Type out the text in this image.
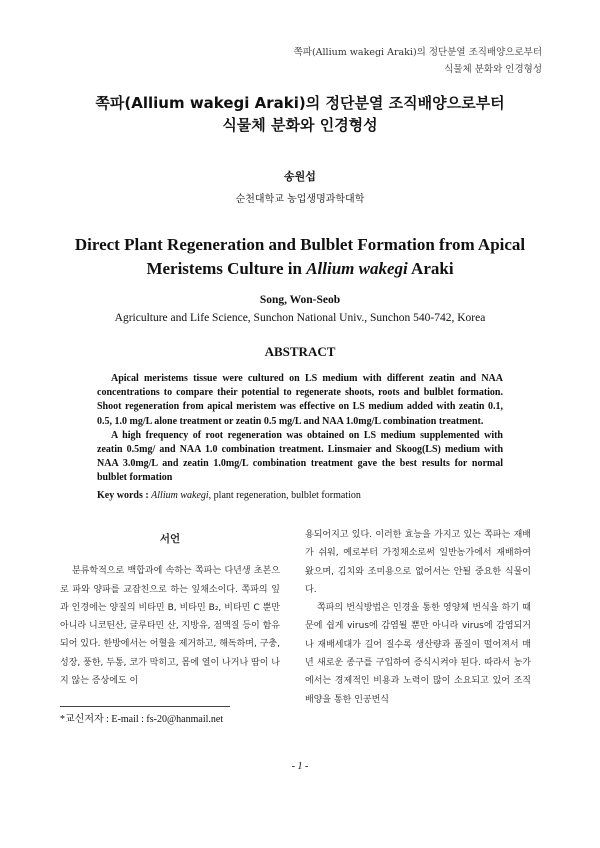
쪽파(Allium wakegi Araki)의 정단분열 조직배양으로부터
식물체 분화와 인경형성
쪽파(Allium wakegi Araki)의 정단분열 조직배양으로부터
식물체 분화와 인경형성
송원섭
순천대학교 농업생명과학대학
Direct Plant Regeneration and Bulblet Formation from Apical
Meristems Culture in Allium wakegi Araki
Song, Won-Seob
Agriculture and Life Science, Sunchon National Univ., Sunchon 540-742, Korea
ABSTRACT

Apical meristems tissue were cultured on LS medium with different zeatin and NAA concentrations to compare their potential to regenerate shoots, roots and bulblet formation. Shoot regeneration from apical meristem was effective on LS medium added with zeatin 0.1, 0.5, 1.0 mg/L alone treatment or zeatin 0.5 mg/L and NAA 1.0mg/L combination treatment.

A high frequency of root regeneration was obtained on LS medium supplemented with zeatin 0.5mg/ and NAA 1.0 combination treatment. Linsmaier and Skoog(LS) medium with NAA 3.0mg/L and zeatin 1.0mg/L combination treatment gave the best results for normal bulblet formation

Key words : Allium wakegi, plant regeneration, bulblet formation
서언

분류학적으로 백합과에 속하는 쪽파는 다년생 초본으로 파와 양파를 교잡친으로 하는 잎채소이다. 쪽파의 잎과 인경에는 양질의 비타민 B, 비타민 B₂, 비타민 C 뿐만 아니라 니코틴산, 글루타민 산, 지방유, 점액질 등이 함유되어 있다. 한방에서는 어혈을 제거하고, 해독하며, 구충, 성장, 풍한, 두통, 코가 막히고, 몸에 열이 나거나 땀이 나지 않는 증상에도 이

용되어지고 있다. 이러한 효능을 가지고 있는 쪽파는 재배가 쉬워, 예로부터 가정채소로써 일반농가에서 재배하여 왔으며, 김치와 조미용으로 없어서는 안될 중요한 식물이다.

쪽파의 번식방법은 인경을 통한 영양체 번식을 하기 때문에 쉽게 virus에 감염될 뿐만 아니라 virus에 감염되거나 재배세대가 길어 질수록 생산량과 품질이 떨어져서 매년 새로운 종구를 구입하여 증식시켜야 된다. 따라서 농가에서는 경제적인 비용과 노력이 많이 소요되고 있어 조직배양을 통한 인공번식

*교신저자 : E-mail : fs-20@hanmail.net
- 1 -
